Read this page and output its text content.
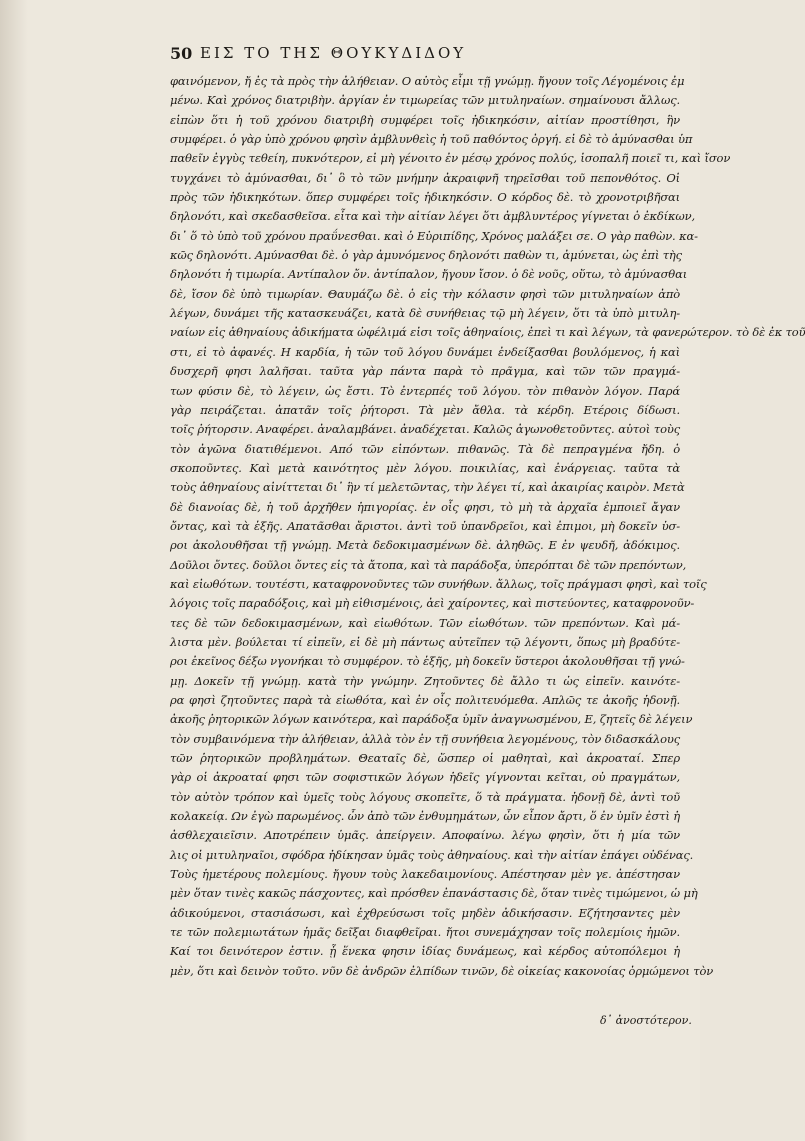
50 ΕΙΣ ΤΟ ΤΗΣ ΘΟΥΚΥΔΙΔΟΥ
φαινόμενον, ἤ ἐς τὰ πρὸς τὴν ἀλήθειαν. Ο αὐτὸς εἶμι τῇ γνώμῃ. ἤγουν τοῖς Λέγομένοις ἐμ
μένω. Καὶ χρόνος διατριβὴν. ἀργίαν ἐν τιμωρείας τῶν μιτυληναίων. σημαίνουσι ἄλλως.
εἰπὼν ὅτι ἡ τοῦ χρόνου διατριβὴ συμφέρει τοῖς ἠδικηκόσιν, αἰτίαν προστίθησι, ἣν
συμφέρει. ὁ γὰρ ὑπὸ χρόνου φησὶν ἀμβλυνθεὶς ἡ τοῦ παθόντος ὀργή. εἰ δὲ τὸ ἀμύνασθαι ὑπ
παθεῖν ἐγγὺς τεθείη, πυκνότερον, εἰ μὴ γένοιτο ἐν μέσῳ χρόνος πολύς, ἰσοπαλῆ ποιεῖ τι, καὶ ἴσον
τυγχάνει τὸ ἀμύνασθαι, δι᾽ ὃ τὸ τῶν μνήμην ἀκραιφνῆ τηρεῖσθαι τοῦ πεπονθότος. Οἱ
πρὸς τῶν ἠδικηκότων. ὅπερ συμφέρει τοῖς ἠδικηκόσιν. Ο κόρδος δὲ. τὸ χρονοτριβῆσαι
δηλονότι, καὶ σκεδασθεῖσα. εἶτα καὶ τὴν αἰτίαν λέγει ὅτι ἀμβλυντέρος γίγνεται ὁ ἐκδίκων,
δι᾽ ὅ τὸ ὑπὸ τοῦ χρόνου πραΰνεσθαι. καὶ ὁ Εὐριπίδης, Χρόνος μαλάξει σε. Ο γὰρ παθὼν. κα-
κῶς δηλονότι. Αμύνασθαι δὲ. ὁ γὰρ ἀμυνόμενος δηλονότι παθὼν τι, ἀμύνεται, ὡς ἐπὶ τὴς
δηλονότι ἡ τιμωρία. Αντίπαλον ὄν. ἀντίπαλον, ἤγουν ἴσον. ὁ δὲ νοῦς, οὕτω, τὸ ἀμύνασθαι
δὲ, ἴσον δὲ ὑπὸ τιμωρίαν. Θαυμάζω δὲ. ὁ εἰς τὴν κόλασιν φησὶ τῶν μιτυληναίων ἀπὸ
λέγων, δυνάμει τῆς κατασκευάζει, κατὰ δὲ συνήθειας τῷ μὴ λέγειν, ὅτι τὰ ὑπὸ μιτυλη-
ναίων εἰς ἀθηναίους ἀδικήματα ὠφέλιμά εἰσι τοῖς ἀθηναίοις, ἐπεὶ τι καὶ λέγων, τὰ φανερώτερον. τὸ δὲ ἐκ τοῦ
στι, εἰ τὸ ἀφανές. Η καρδία, ἡ τῶν τοῦ λόγου δυνάμει ἐνδείξασθαι βουλόμενος, ἡ καὶ
δυσχερῆ φησι λαλῆσαι. ταῦτα γὰρ πάντα παρὰ τὸ πρᾶγμα, καὶ τῶν τῶν πραγμά-
των φύσιν δὲ, τὸ λέγειν, ὡς ἔστι. Τὸ ἐντερπές τοῦ λόγου. τὸν πιθανὸν λόγον. Παρά
γὰρ πειράζεται. ἀπατᾶν τοῖς ῥήτορσι. Τὰ μὲν ἄθλα. τὰ κέρδη. Ετέροις δίδωσι.
τοῖς ῥήτορσιν. Αναφέρει. ἀναλαμβάνει. ἀναδέχεται. Καλῶς ἀγωνοθετοῦντες. αὐτοὶ τοὺς
τὸν ἀγῶνα διατιθέμενοι. Από τῶν εἰπόντων. πιθανῶς. Τὰ δὲ πεπραγμένα ἤδη. ὁ
σκοποῦντες. Καὶ μετὰ καινότητος μὲν λόγου. ποικιλίας, καὶ ἐνάργειας. ταῦτα τὰ
τοὺς ἀθηναίους αἰνίττεται δι᾽ ἣν τί μελετῶντας, τὴν λέγει τί, καὶ ἀκαιρίας καιρὸν. Μετὰ
δὲ διανοίας δὲ, ἡ τοῦ ἀρχῆθεν ἠπιγορίας. ἐν οἷς φησι, τὸ μὴ τὰ ἀρχαῖα ἐμποιεῖ ἄγαν
ὄντας, καὶ τὰ ἑξῆς. Απατᾶσθαι ἄριστοι. ἀντὶ τοῦ ὑπανδρεῖοι, καὶ ἐπιμοι, μὴ δοκεῖν ὑσ-
ροι ἀκολουθῆσαι τῇ γνώμῃ. Μετὰ δεδοκιμασμένων δὲ. ἀληθῶς. Ε ἐν ψευδῆ, ἀδόκιμος.
Δοῦλοι ὄντες. δοῦλοι ὄντες εἰς τὰ ἄτοπα, καὶ τὰ παράδοξα, ὑπερόπται δὲ τῶν πρεπόντων,
καὶ εἰωθότων. τουτέστι, καταφρονοῦντες τῶν συνήθων. ἄλλως, τοῖς πράγμασι φησὶ, καὶ τοῖς
λόγοις τοῖς παραδόξοις, καὶ μὴ εἰθισμένοις, ἀεὶ χαίροντες, καὶ πιστεύοντες, καταφρονοῦν-
τες δὲ τῶν δεδοκιμασμένων, καὶ εἰωθότων. Τῶν εἰωθότων. τῶν πρεπόντων. Καὶ μά-
λιστα μὲν. βούλεται τί εἰπεῖν, εἰ δὲ μὴ πάντως αὐτεῖπεν τῷ λέγοντι, ὅπως μὴ βραδύτε-
ροι ἐκεῖνος δέξω νγονήκαι τὸ συμφέρον. τὸ ἑξῆς, μὴ δοκεῖν ὕστεροι ἀκολουθῆσαι τῇ γνώ-
μῃ. Δοκεῖν τῇ γνώμῃ. κατὰ τὴν γνώμην. Ζητοῦντες δὲ ἄλλο τι ὡς εἰπεῖν. καινότε-
ρα φησὶ ζητοῦντες παρὰ τὰ εἰωθότα, καὶ ἐν οἷς πολιτευόμεθα. Απλῶς τε ἀκοῆς ἡδονῇ.
ἀκοῆς ῥητορικῶν λόγων καινότερα, καὶ παράδοξα ὑμῖν ἀναγνωσμένου, Ε, ζητεῖς δὲ λέγειν
τὸν συμβαινόμενα τὴν ἀλήθειαν, ἀλλὰ τὸν ἐν τῇ συνήθεια λεγομένους, τὸν διδασκάλους
τῶν ῥητορικῶν προβλημάτων. Θεαταῖς δὲ, ὥσπερ οἱ μαθηταὶ, καὶ ἀκροαταί. Σπερ
γὰρ οἱ ἀκροαταί φησι τῶν σοφιστικῶν λόγων ἡδεῖς γίγνονται κεῖται, οὐ πραγμάτων,
τὸν αὐτὸν τρόπον καὶ ὑμεῖς τοὺς λόγους σκοπεῖτε, ὅ τὰ πράγματα. ἡδονῇ δὲ, ἀντὶ τοῦ
κολακείᾳ. Ων ἐγὼ παρωμένος. ὧν ἀπὸ τῶν ἐνθυμημάτων, ὧν εἶπον ἄρτι, ὅ ἐν ὑμῖν ἐστὶ ἡ
ἀσθλεχαιεῖσιν. Αποτρέπειν ὑμᾶς. ἀπείργειν. Αποφαίνω. λέγω φησὶν, ὅτι ἡ μία τῶν
λις οἱ μιτυληναῖοι, σφόδρα ἠδίκησαν ὑμᾶς τοὺς ἀθηναίους. καὶ τὴν αἰτίαν ἐπάγει οὐδένας.
Τοὺς ἡμετέρους πολεμίους. ἤγουν τοὺς λακεδαιμονίους. Απέστησαν μὲν γε. ἀπέστησαν
μὲν ὅταν τινὲς κακῶς πάσχοντες, καὶ πρόσθεν ἐπανάστασις δὲ, ὅταν τινὲς τιμώμενοι, ὡ μὴ
ἀδικούμενοι, στασιάσωσι, καὶ ἐχθρεύσωσι τοῖς μηδὲν ἀδικήσασιν. Εζήτησαντες μὲν
τε τῶν πολεμιωτάτων ἡμᾶς δεῖξαι διαφθεῖραι. ἤτοι συνεμάχησαν τοῖς πολεμίοις ἡμῶν.
Καί τοι δεινότερον ἐστιν. ᾗ ἕνεκα φησιν ἰδίας δυνάμεως, καὶ κέρδος αὐτοπόλεμοι ἡ
μὲν, ὅτι καὶ δεινὸν τοῦτο. νῦν δὲ ἀνδρῶν ἐλπίδων τινῶν, δὲ οἰκείας κακονοίας ὁρμώμενοι τὸν
δ᾽ ἀνοστότερον.
